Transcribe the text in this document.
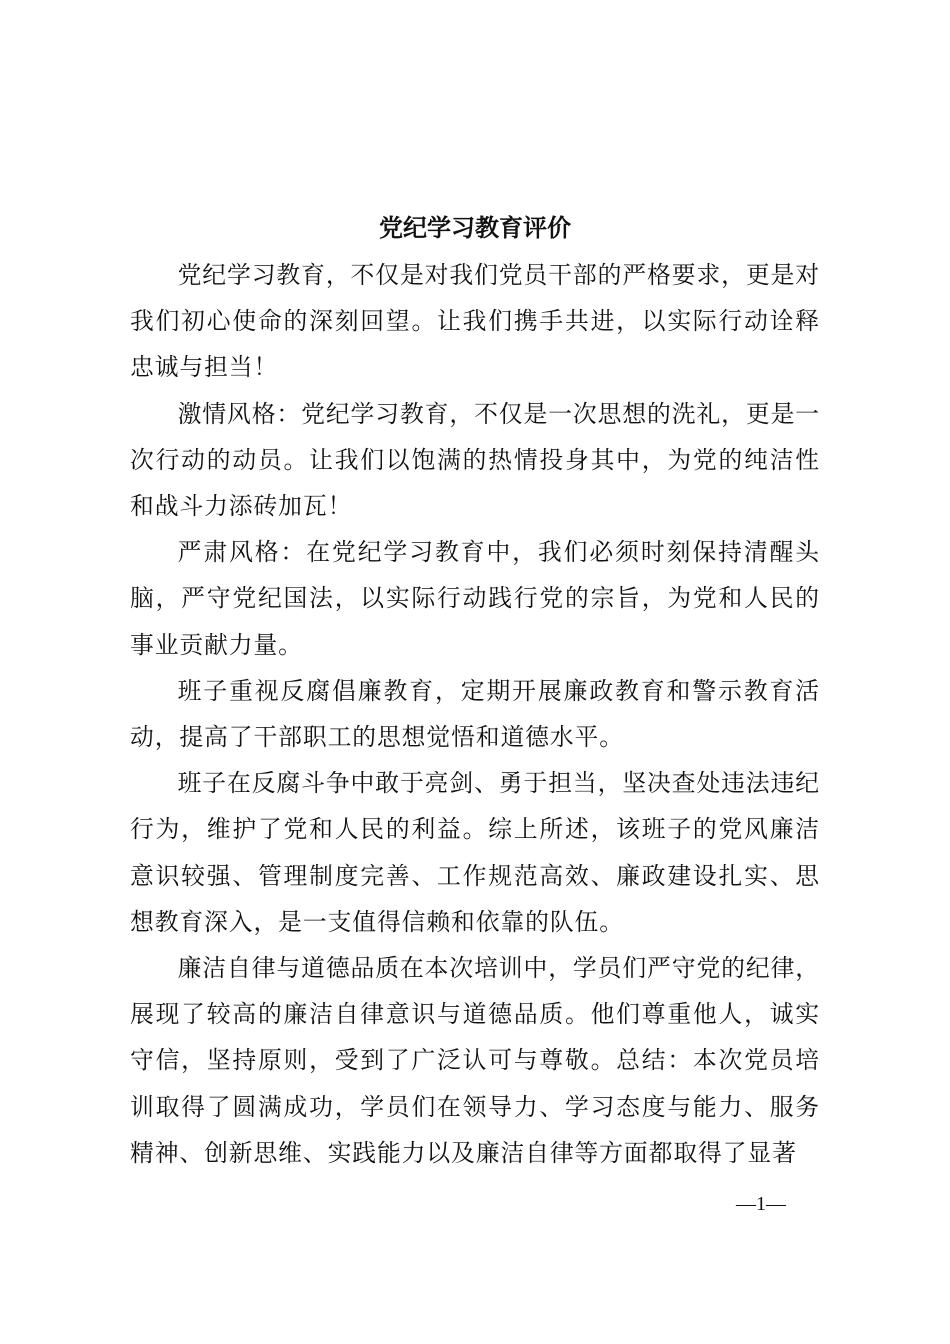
党纪学习教育评价

党纪学习教育，不仅是对我们党员干部的严格要求，更是对我们初心使命的深刻回望。让我们携手共进，以实际行动诠释忠诚与担当！

激情风格：党纪学习教育，不仅是一次思想的洗礼，更是一次行动的动员。让我们以饱满的热情投身其中，为党的纯洁性和战斗力添砖加瓦！

严肃风格：在党纪学习教育中，我们必须时刻保持清醒头脑，严守党纪国法，以实际行动践行党的宗旨，为党和人民的事业贡献力量。

班子重视反腐倡廉教育，定期开展廉政教育和警示教育活动，提高了干部职工的思想觉悟和道德水平。

班子在反腐斗争中敢于亮剑、勇于担当，坚决查处违法违纪行为，维护了党和人民的利益。综上所述，该班子的党风廉洁意识较强、管理制度完善、工作规范高效、廉政建设扎实、思想教育深入，是一支值得信赖和依靠的队伍。

廉洁自律与道德品质在本次培训中，学员们严守党的纪律，展现了较高的廉洁自律意识与道德品质。他们尊重他人，诚实守信，坚持原则，受到了广泛认可与尊敬。总结：本次党员培训取得了圆满成功，学员们在领导力、学习态度与能力、服务精神、创新思维、实践能力以及廉洁自律等方面都取得了显著

—1—
